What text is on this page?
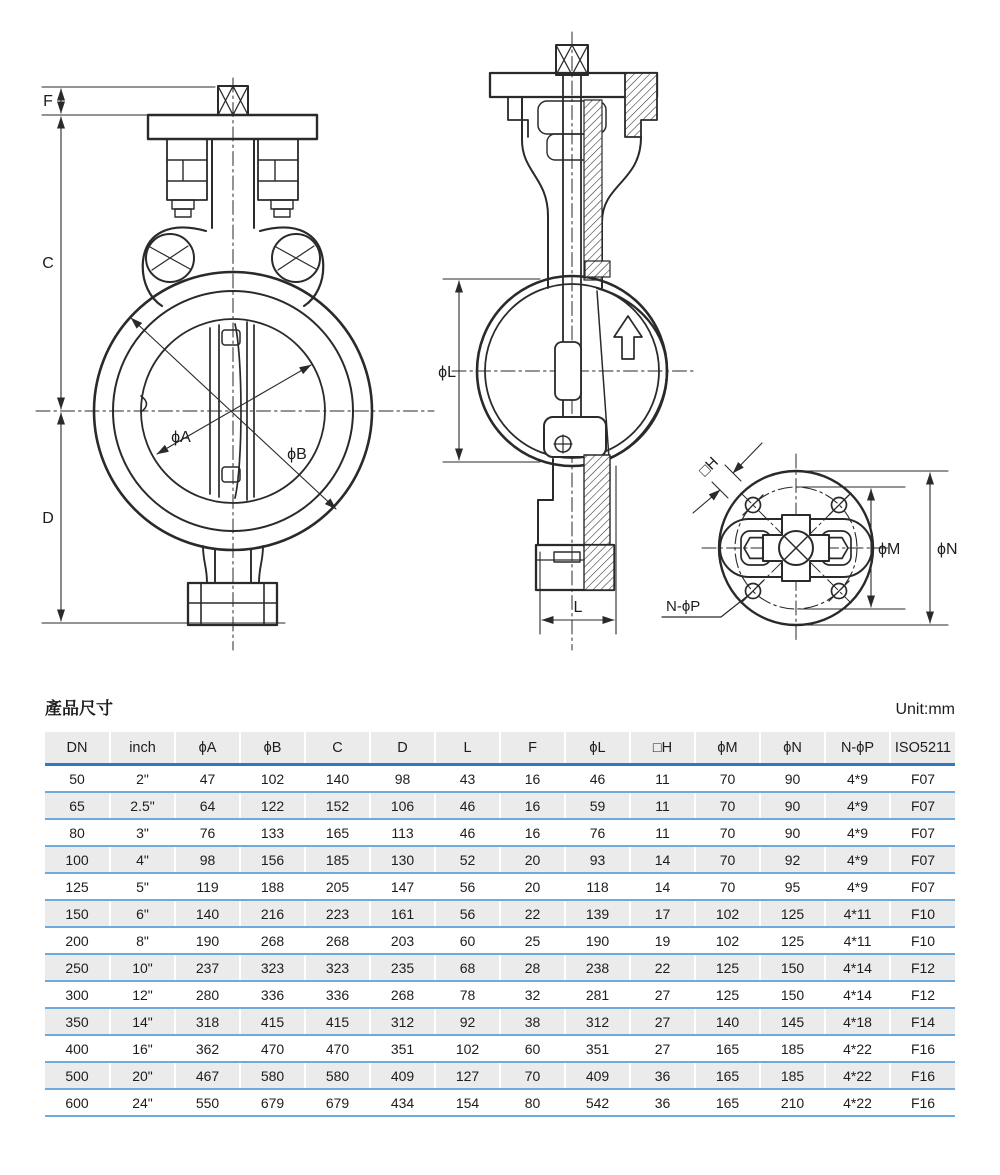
F
C
D
ϕA
ϕB
ϕL
L
□H
ϕM ϕN
N-ϕP
產品尺寸	Unit:mm
DN	inch	ϕA	ϕB	C	D	L	F	ϕL	□H	ϕM	ϕN	N-ϕP	ISO5211
50	2"	47	102	140	98	43	16	46	11	70	90	4*9	F07
65	2.5"	64	122	152	106	46	16	59	11	70	90	4*9	F07
80	3"	76	133	165	113	46	16	76	11	70	90	4*9	F07
100	4"	98	156	185	130	52	20	93	14	70	92	4*9	F07
125	5"	119	188	205	147	56	20	118	14	70	95	4*9	F07
150	6"	140	216	223	161	56	22	139	17	102	125	4*11	F10
200	8"	190	268	268	203	60	25	190	19	102	125	4*11	F10
250	10"	237	323	323	235	68	28	238	22	125	150	4*14	F12
300	12"	280	336	336	268	78	32	281	27	125	150	4*14	F12
350	14"	318	415	415	312	92	38	312	27	140	145	4*18	F14
400	16"	362	470	470	351	102	60	351	27	165	185	4*22	F16
500	20"	467	580	580	409	127	70	409	36	165	185	4*22	F16
600	24"	550	679	679	434	154	80	542	36	165	210	4*22	F16
